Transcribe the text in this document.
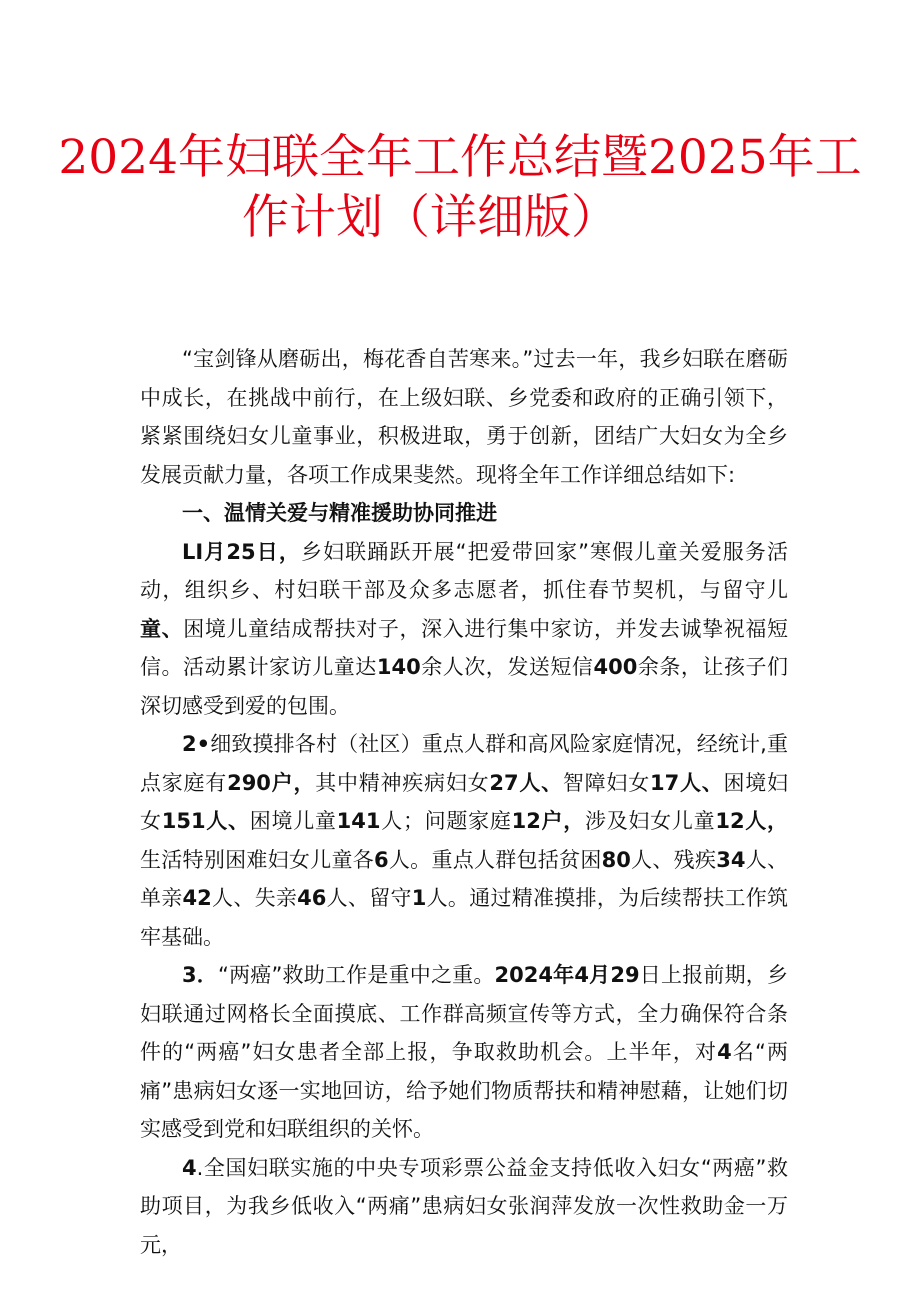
2024年妇联全年工作总结暨2025年工
作计划（详细版）

“宝剑锋从磨砺出，梅花香自苦寒来。”过去一年，我乡妇联在磨砺中成长，在挑战中前行，在上级妇联、乡党委和政府的正确引领下，紧紧围绕妇女儿童事业，积极进取，勇于创新，团结广大妇女为全乡发展贡献力量，各项工作成果斐然。现将全年工作详细总结如下:

一、温情关爱与精准援助协同推进

LI月25日，乡妇联踊跃开展“把爱带回家”寒假儿童关爱服务活动，组织乡、村妇联干部及众多志愿者，抓住春节契机，与留守儿童、困境儿童结成帮扶对子，深入进行集中家访，并发去诚挚祝福短信。活动累计家访儿童达140余人次，发送短信400余条，让孩子们深切感受到爱的包围。

2•细致摸排各村（社区）重点人群和高风险家庭情况，经统计,重点家庭有290户，其中精神疾病妇女27人、智障妇女17人、困境妇女151人、困境儿童141人；问题家庭12户，涉及妇女儿童12人，生活特别困难妇女儿童各6人。重点人群包括贫困80人、残疾34人、单亲42人、失亲46人、留守1人。通过精准摸排，为后续帮扶工作筑牢基础。

3．“两癌”救助工作是重中之重。2024年4月29日上报前期，乡妇联通过网格长全面摸底、工作群高频宣传等方式，全力确保符合条件的“两癌”妇女患者全部上报，争取救助机会。上半年，对4名“两痛”患病妇女逐一实地回访，给予她们物质帮扶和精神慰藉，让她们切实感受到党和妇联组织的关怀。

4.全国妇联实施的中央专项彩票公益金支持低收入妇女“两癌”救助项目，为我乡低收入“两痛”患病妇女张润萍发放一次性救助金一万元，
